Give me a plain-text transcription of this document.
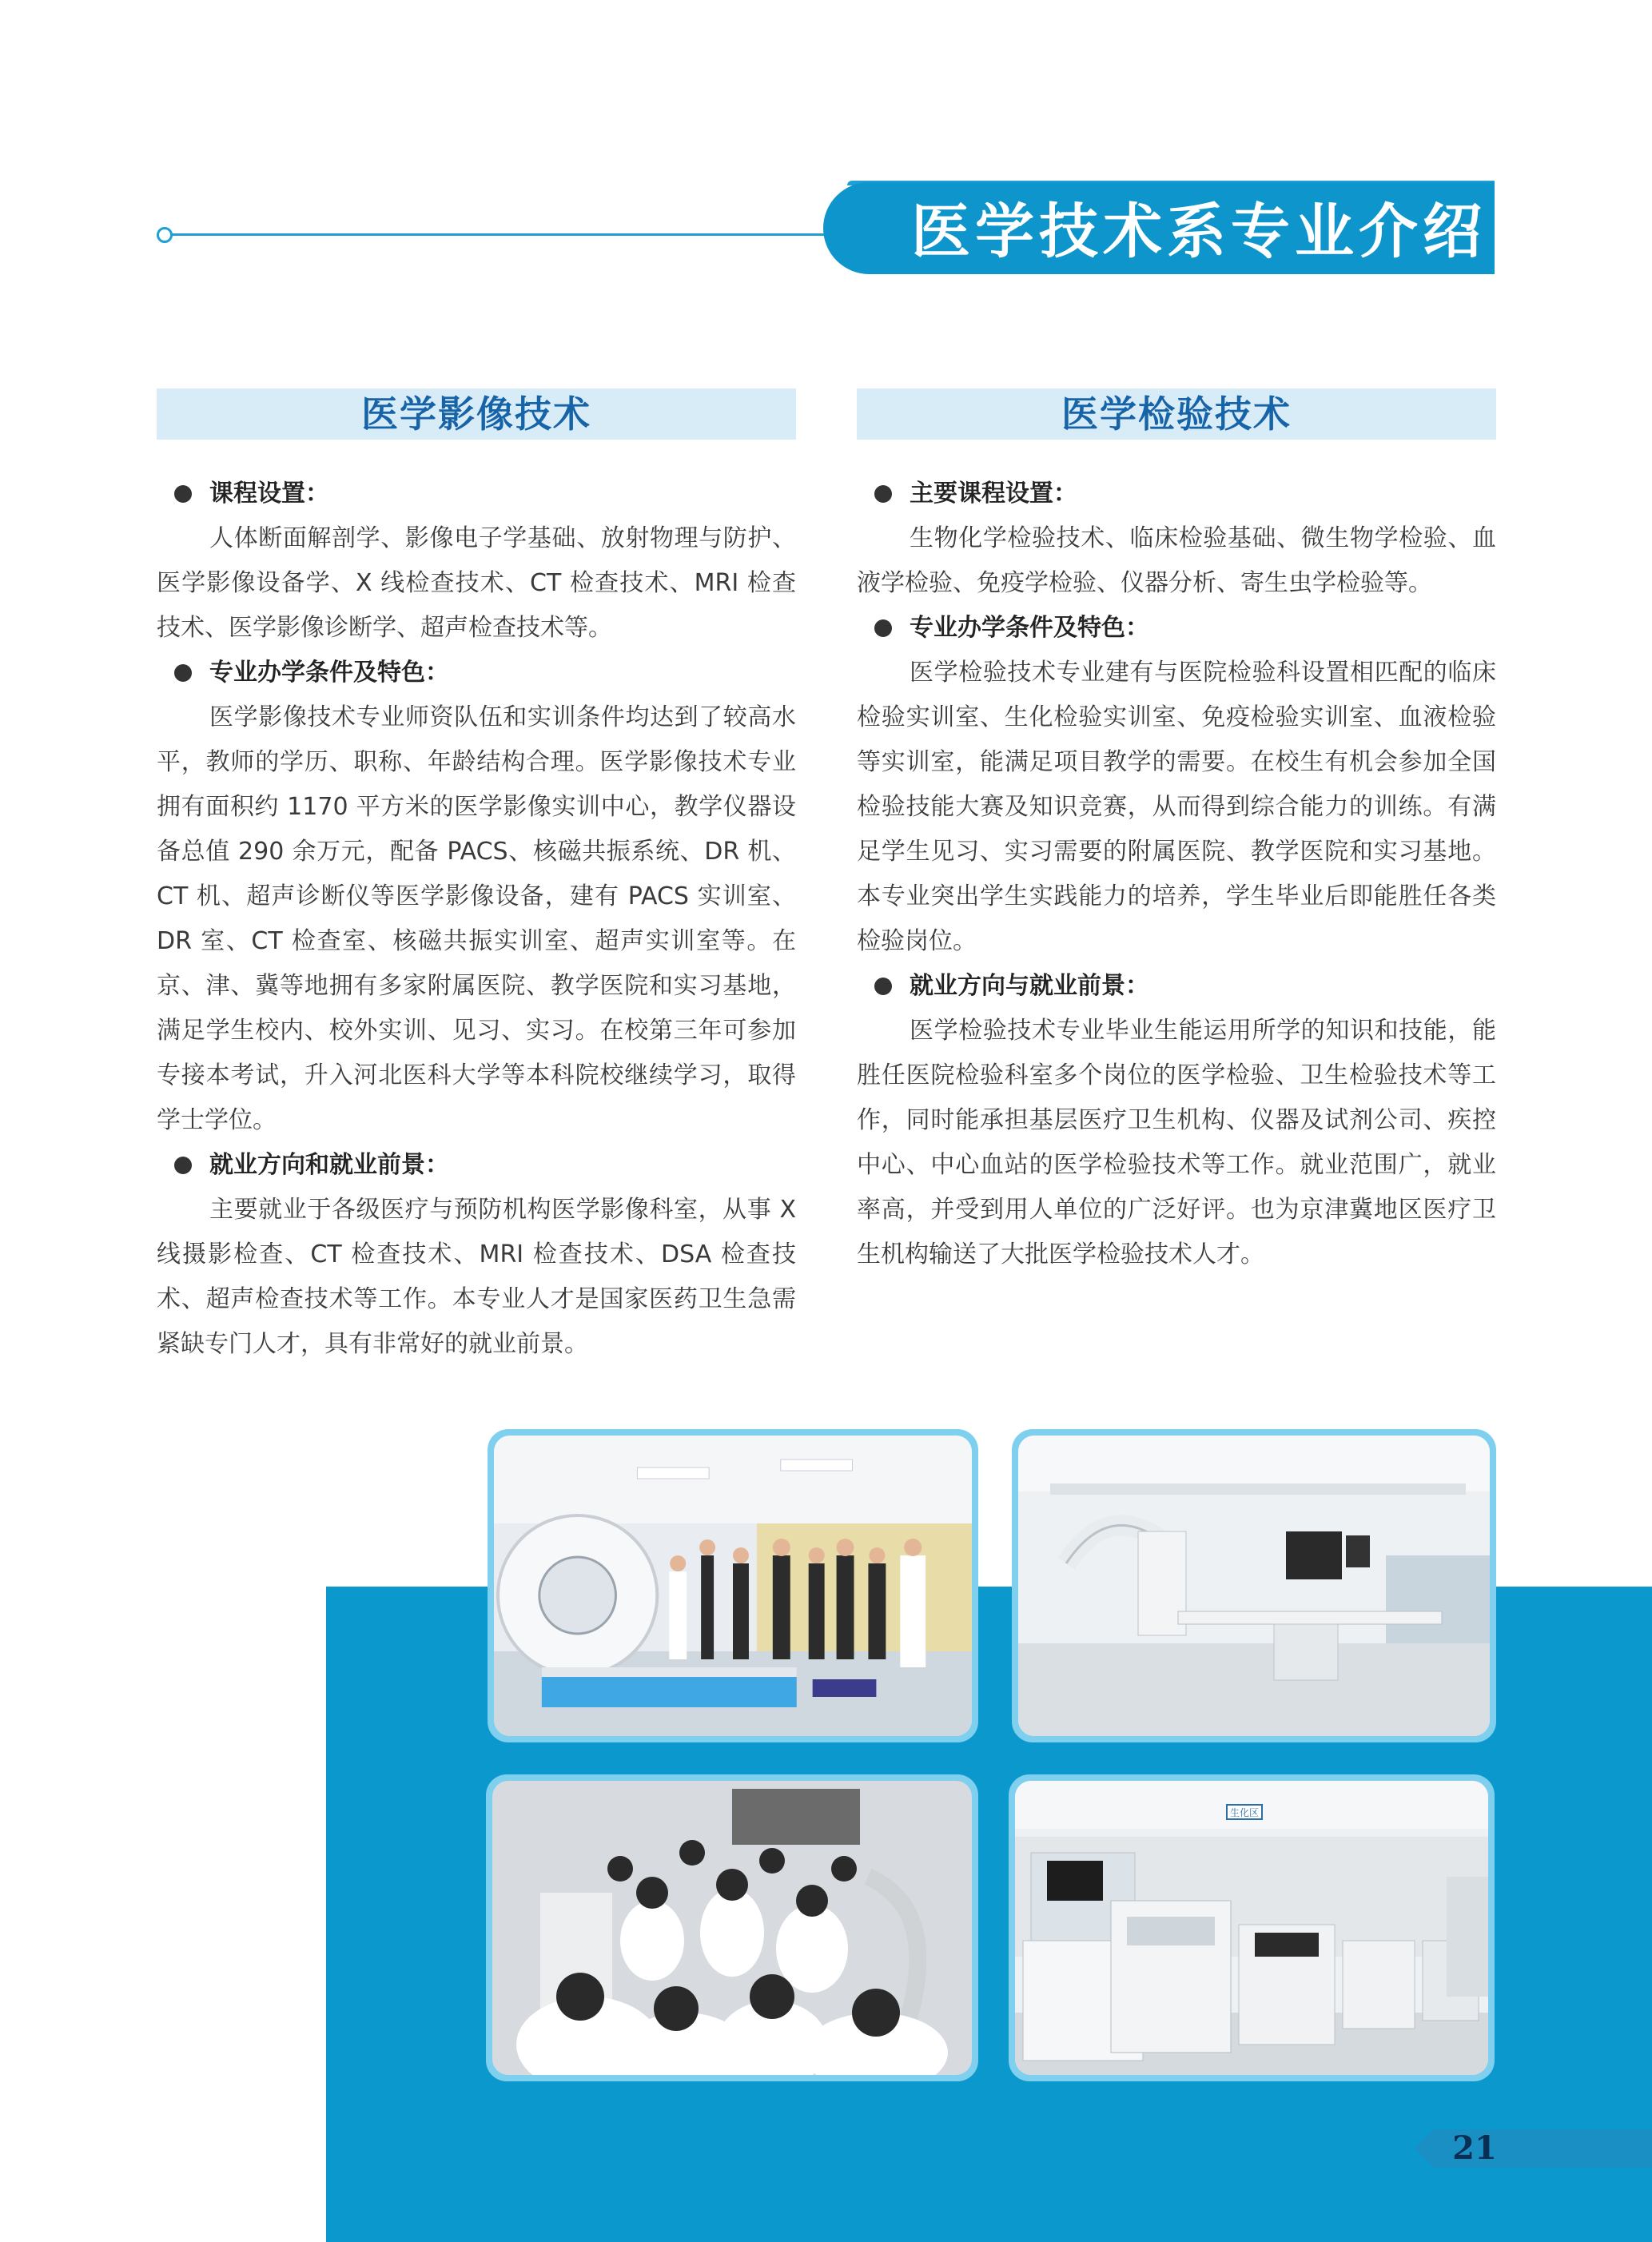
医学技术系专业介绍
医学影像技术
课程设置：

人体断面解剖学、影像电子学基础、放射物理与防护、医学影像设备学、X 线检查技术、CT 检查技术、MRI 检查技术、医学影像诊断学、超声检查技术等。

专业办学条件及特色：

医学影像技术专业师资队伍和实训条件均达到了较高水平，教师的学历、职称、年龄结构合理。医学影像技术专业拥有面积约 1170 平方米的医学影像实训中心，教学仪器设备总值 290 余万元，配备 PACS、核磁共振系统、DR 机、CT 机、超声诊断仪等医学影像设备，建有 PACS 实训室、DR 室、CT 检查室、核磁共振实训室、超声实训室等。在京、津、冀等地拥有多家附属医院、教学医院和实习基地，满足学生校内、校外实训、见习、实习。在校第三年可参加专接本考试，升入河北医科大学等本科院校继续学习，取得学士学位。

就业方向和就业前景：

主要就业于各级医疗与预防机构医学影像科室，从事 X 线摄影检查、CT 检查技术、MRI 检查技术、DSA 检查技术、超声检查技术等工作。本专业人才是国家医药卫生急需紧缺专门人才，具有非常好的就业前景。

医学检验技术
主要课程设置：

生物化学检验技术、临床检验基础、微生物学检验、血液学检验、免疫学检验、仪器分析、寄生虫学检验等。

专业办学条件及特色：

医学检验技术专业建有与医院检验科设置相匹配的临床检验实训室、生化检验实训室、免疫检验实训室、血液检验等实训室，能满足项目教学的需要。在校生有机会参加全国检验技能大赛及知识竞赛，从而得到综合能力的训练。有满足学生见习、实习需要的附属医院、教学医院和实习基地。本专业突出学生实践能力的培养，学生毕业后即能胜任各类检验岗位。

就业方向与就业前景：

医学检验技术专业毕业生能运用所学的知识和技能，能胜任医院检验科室多个岗位的医学检验、卫生检验技术等工作，同时能承担基层医疗卫生机构、仪器及试剂公司、疾控中心、中心血站的医学检验技术等工作。就业范围广，就业率高，并受到用人单位的广泛好评。也为京津冀地区医疗卫生机构输送了大批医学检验技术人才。

生化区
21
